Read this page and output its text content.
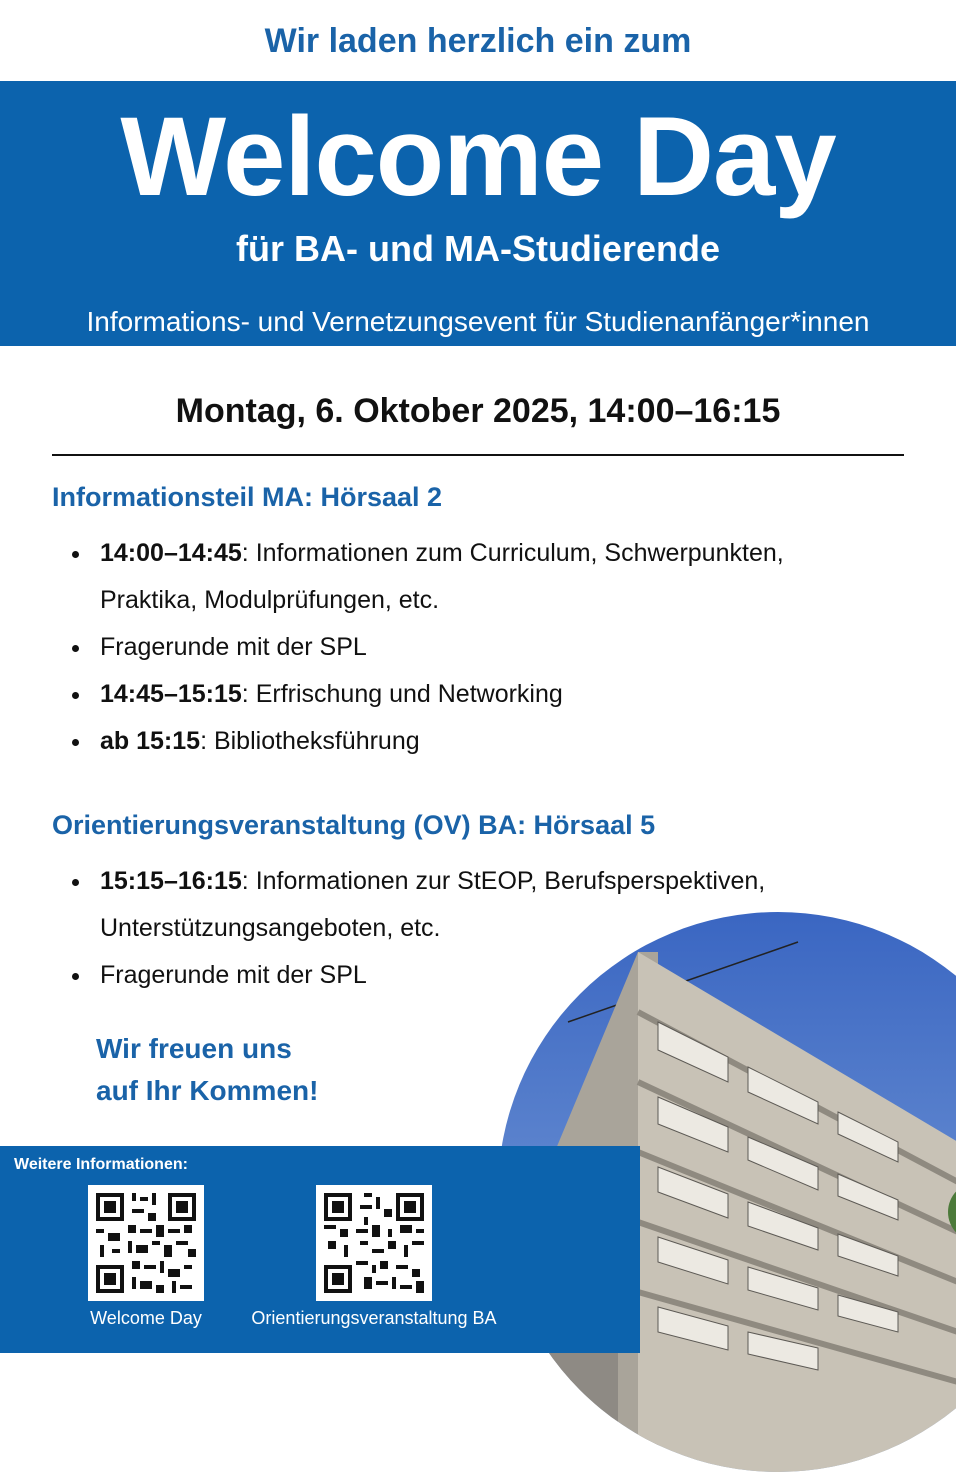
Wir laden herzlich ein zum
Welcome Day
für BA- und MA-Studierende
Informations- und Vernetzungsevent für Studienanfänger*innen
Montag, 6. Oktober 2025, 14:00–16:15
Informationsteil MA: Hörsaal 2
14:00–14:45: Informationen zum Curriculum, Schwerpunkten,
Praktika, Modulprüfungen, etc.
Fragerunde mit der SPL
14:45–15:15: Erfrischung und Networking
ab 15:15: Bibliotheksführung
Orientierungsveranstaltung (OV) BA: Hörsaal 5
15:15–16:15: Informationen zur StEOP, Berufsperspektiven,
Unterstützungsangeboten, etc.
Fragerunde mit der SPL
Wir freuen uns
auf Ihr Kommen!
Weitere Informationen:
Welcome Day	Orientierungsveranstaltung BA
